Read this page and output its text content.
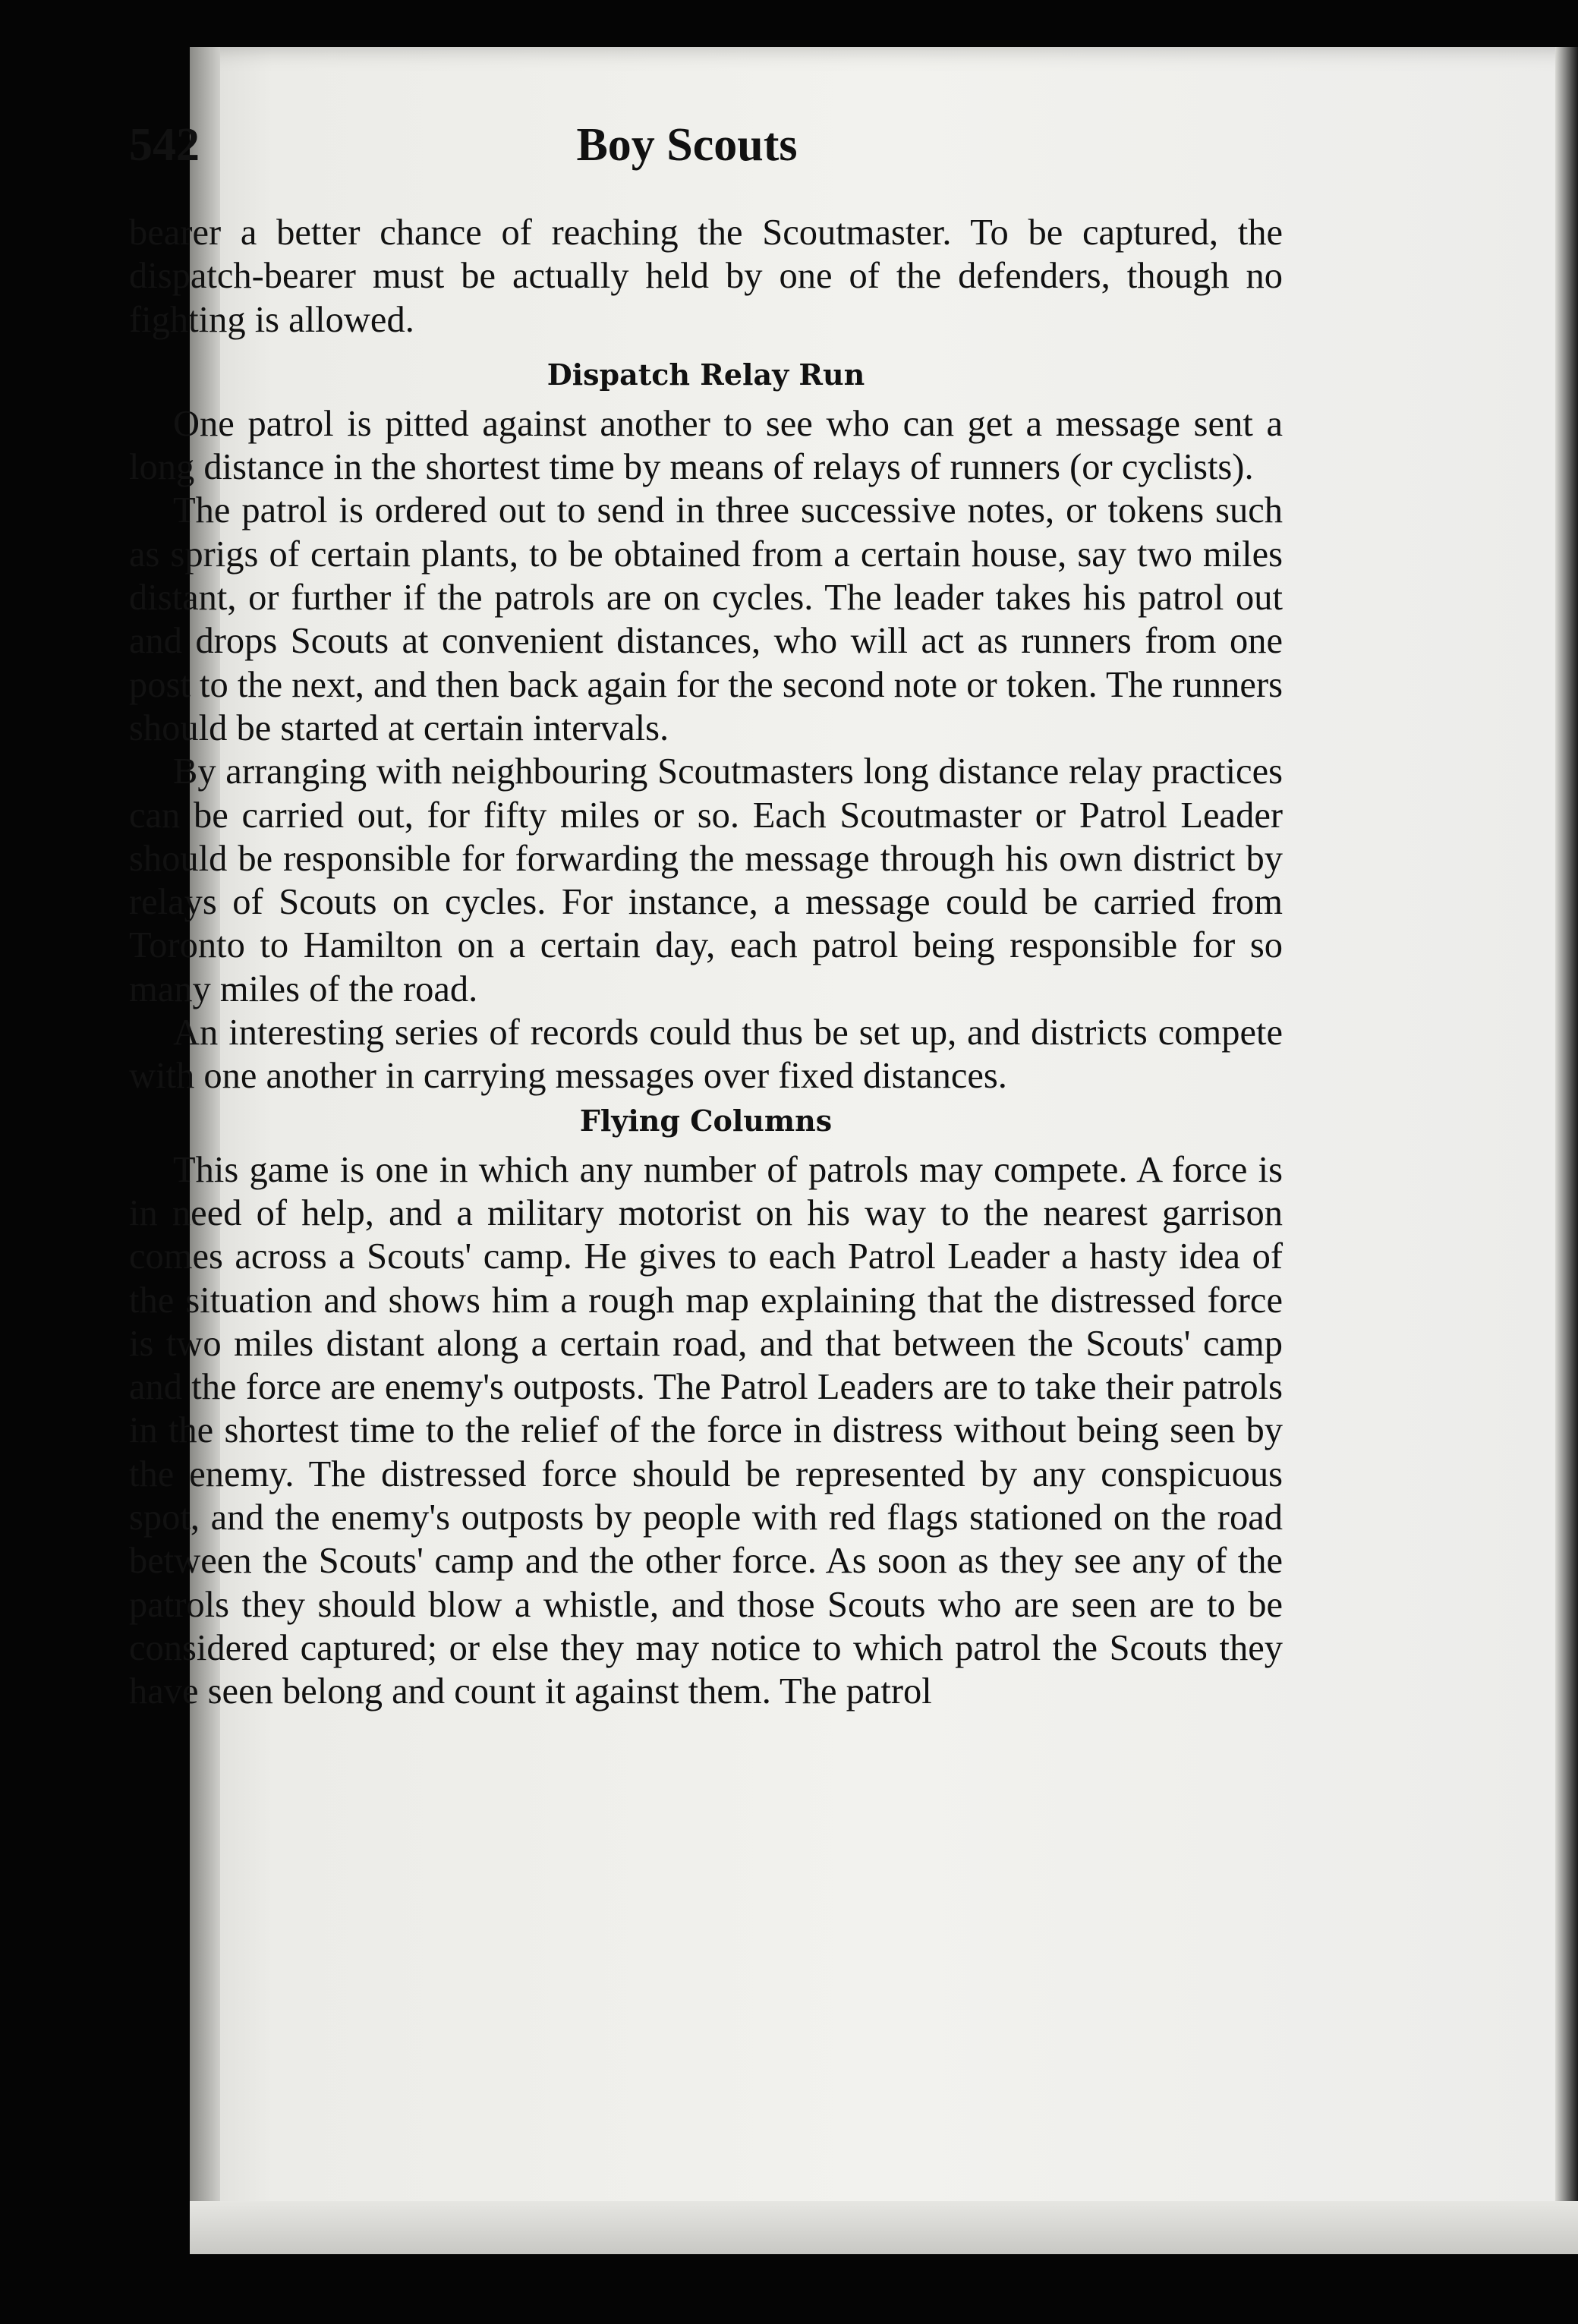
542	Boy Scouts

bearer a better chance of reaching the Scoutmaster. To be captured, the dispatch-bearer must be actually held by one of the defenders, though no fighting is allowed.

Dispatch Relay Run

One patrol is pitted against another to see who can get a message sent a long distance in the shortest time by means of relays of runners (or cyclists).

The patrol is ordered out to send in three successive notes, or tokens such as sprigs of certain plants, to be obtained from a certain house, say two miles distant, or further if the patrols are on cycles. The leader takes his patrol out and drops Scouts at convenient distances, who will act as runners from one post to the next, and then back again for the second note or token. The runners should be started at certain intervals.

By arranging with neighbouring Scoutmasters long distance relay practices can be carried out, for fifty miles or so. Each Scoutmaster or Patrol Leader should be responsible for forwarding the message through his own district by relays of Scouts on cycles. For instance, a message could be carried from Toronto to Hamilton on a certain day, each patrol being responsible for so many miles of the road.

An interesting series of records could thus be set up, and districts compete with one another in carrying messages over fixed distances.

Flying Columns

This game is one in which any number of patrols may compete. A force is in need of help, and a military motorist on his way to the nearest garrison comes across a Scouts' camp. He gives to each Patrol Leader a hasty idea of the situation and shows him a rough map explaining that the distressed force is two miles distant along a certain road, and that between the Scouts' camp and the force are enemy's outposts. The Patrol Leaders are to take their patrols in the shortest time to the relief of the force in distress without being seen by the enemy. The distressed force should be represented by any conspicuous spot, and the enemy's outposts by people with red flags stationed on the road between the Scouts' camp and the other force. As soon as they see any of the patrols they should blow a whistle, and those Scouts who are seen are to be considered captured; or else they may notice to which patrol the Scouts they have seen belong and count it against them. The patrol
